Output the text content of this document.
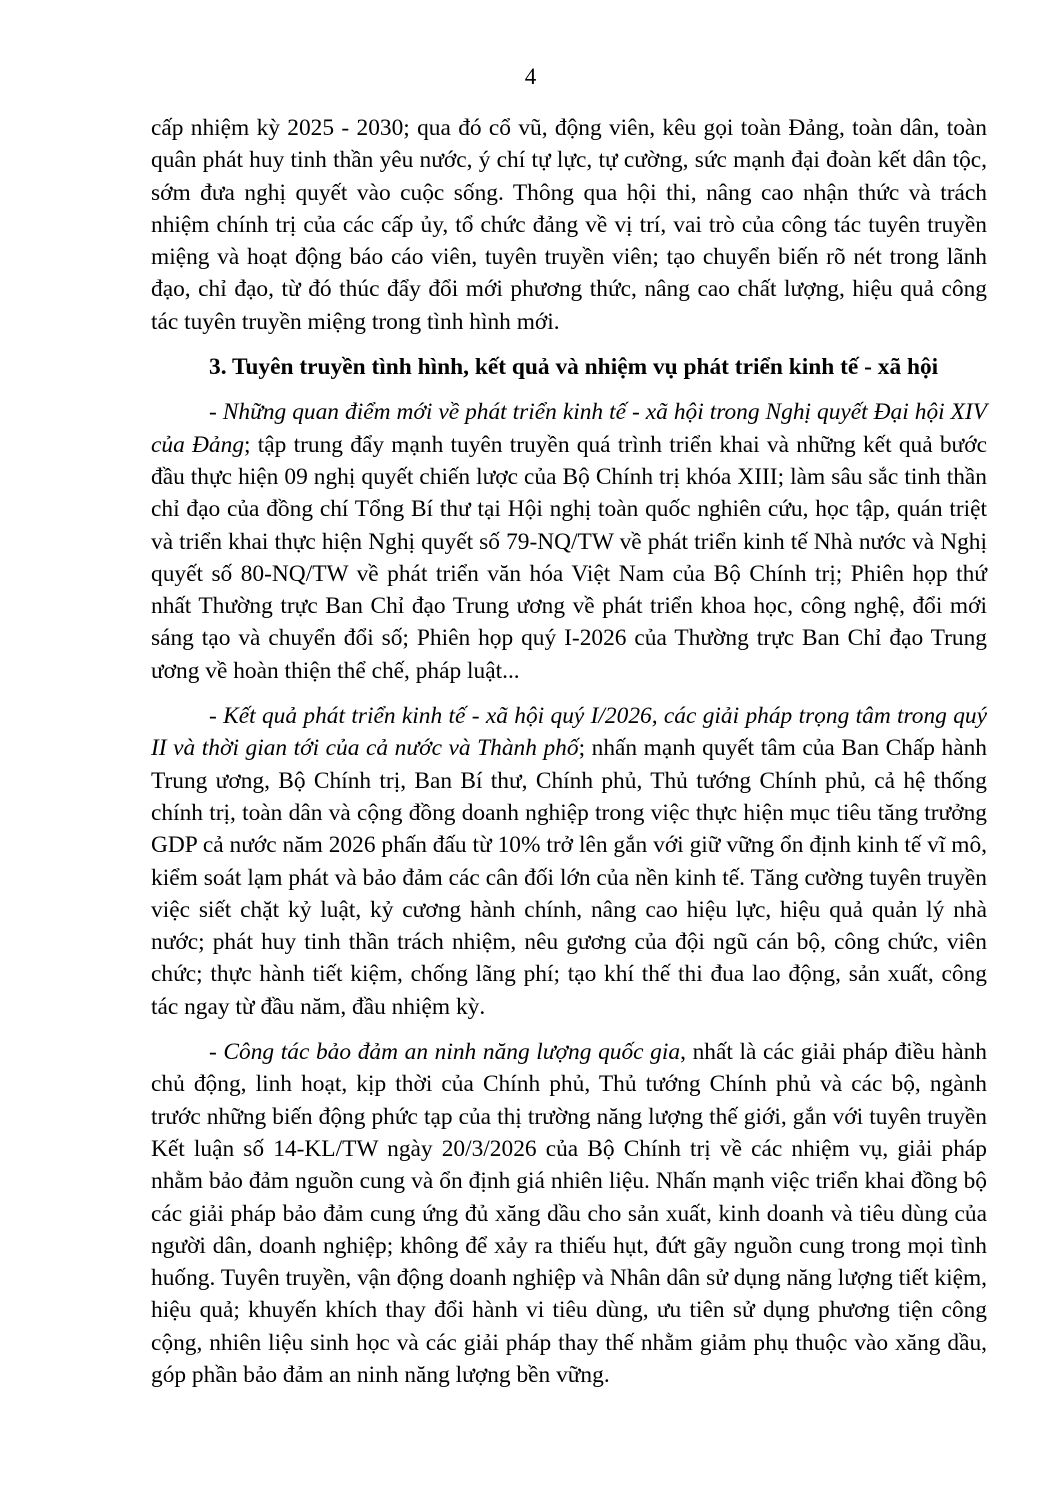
4

cấp nhiệm kỳ 2025 - 2030; qua đó cổ vũ, động viên, kêu gọi toàn Đảng, toàn dân, toàn quân phát huy tinh thần yêu nước, ý chí tự lực, tự cường, sức mạnh đại đoàn kết dân tộc, sớm đưa nghị quyết vào cuộc sống. Thông qua hội thi, nâng cao nhận thức và trách nhiệm chính trị của các cấp ủy, tổ chức đảng về vị trí, vai trò của công tác tuyên truyền miệng và hoạt động báo cáo viên, tuyên truyền viên; tạo chuyển biến rõ nét trong lãnh đạo, chỉ đạo, từ đó thúc đẩy đổi mới phương thức, nâng cao chất lượng, hiệu quả công tác tuyên truyền miệng trong tình hình mới.

3. Tuyên truyền tình hình, kết quả và nhiệm vụ phát triển kinh tế - xã hội

- Những quan điểm mới về phát triển kinh tế - xã hội trong Nghị quyết Đại hội XIV của Đảng; tập trung đẩy mạnh tuyên truyền quá trình triển khai và những kết quả bước đầu thực hiện 09 nghị quyết chiến lược của Bộ Chính trị khóa XIII; làm sâu sắc tinh thần chỉ đạo của đồng chí Tổng Bí thư tại Hội nghị toàn quốc nghiên cứu, học tập, quán triệt và triển khai thực hiện Nghị quyết số 79-NQ/TW về phát triển kinh tế Nhà nước và Nghị quyết số 80-NQ/TW về phát triển văn hóa Việt Nam của Bộ Chính trị; Phiên họp thứ nhất Thường trực Ban Chỉ đạo Trung ương về phát triển khoa học, công nghệ, đổi mới sáng tạo và chuyển đổi số; Phiên họp quý I-2026 của Thường trực Ban Chỉ đạo Trung ương về hoàn thiện thể chế, pháp luật...

- Kết quả phát triển kinh tế - xã hội quý I/2026, các giải pháp trọng tâm trong quý II và thời gian tới của cả nước và Thành phố; nhấn mạnh quyết tâm của Ban Chấp hành Trung ương, Bộ Chính trị, Ban Bí thư, Chính phủ, Thủ tướng Chính phủ, cả hệ thống chính trị, toàn dân và cộng đồng doanh nghiệp trong việc thực hiện mục tiêu tăng trưởng GDP cả nước năm 2026 phấn đấu từ 10% trở lên gắn với giữ vững ổn định kinh tế vĩ mô, kiểm soát lạm phát và bảo đảm các cân đối lớn của nền kinh tế. Tăng cường tuyên truyền việc siết chặt kỷ luật, kỷ cương hành chính, nâng cao hiệu lực, hiệu quả quản lý nhà nước; phát huy tinh thần trách nhiệm, nêu gương của đội ngũ cán bộ, công chức, viên chức; thực hành tiết kiệm, chống lãng phí; tạo khí thế thi đua lao động, sản xuất, công tác ngay từ đầu năm, đầu nhiệm kỳ.

- Công tác bảo đảm an ninh năng lượng quốc gia, nhất là các giải pháp điều hành chủ động, linh hoạt, kịp thời của Chính phủ, Thủ tướng Chính phủ và các bộ, ngành trước những biến động phức tạp của thị trường năng lượng thế giới, gắn với tuyên truyền Kết luận số 14-KL/TW ngày 20/3/2026 của Bộ Chính trị về các nhiệm vụ, giải pháp nhằm bảo đảm nguồn cung và ổn định giá nhiên liệu. Nhấn mạnh việc triển khai đồng bộ các giải pháp bảo đảm cung ứng đủ xăng dầu cho sản xuất, kinh doanh và tiêu dùng của người dân, doanh nghiệp; không để xảy ra thiếu hụt, đứt gãy nguồn cung trong mọi tình huống. Tuyên truyền, vận động doanh nghiệp và Nhân dân sử dụng năng lượng tiết kiệm, hiệu quả; khuyến khích thay đổi hành vi tiêu dùng, ưu tiên sử dụng phương tiện công cộng, nhiên liệu sinh học và các giải pháp thay thế nhằm giảm phụ thuộc vào xăng dầu, góp phần bảo đảm an ninh năng lượng bền vững.
